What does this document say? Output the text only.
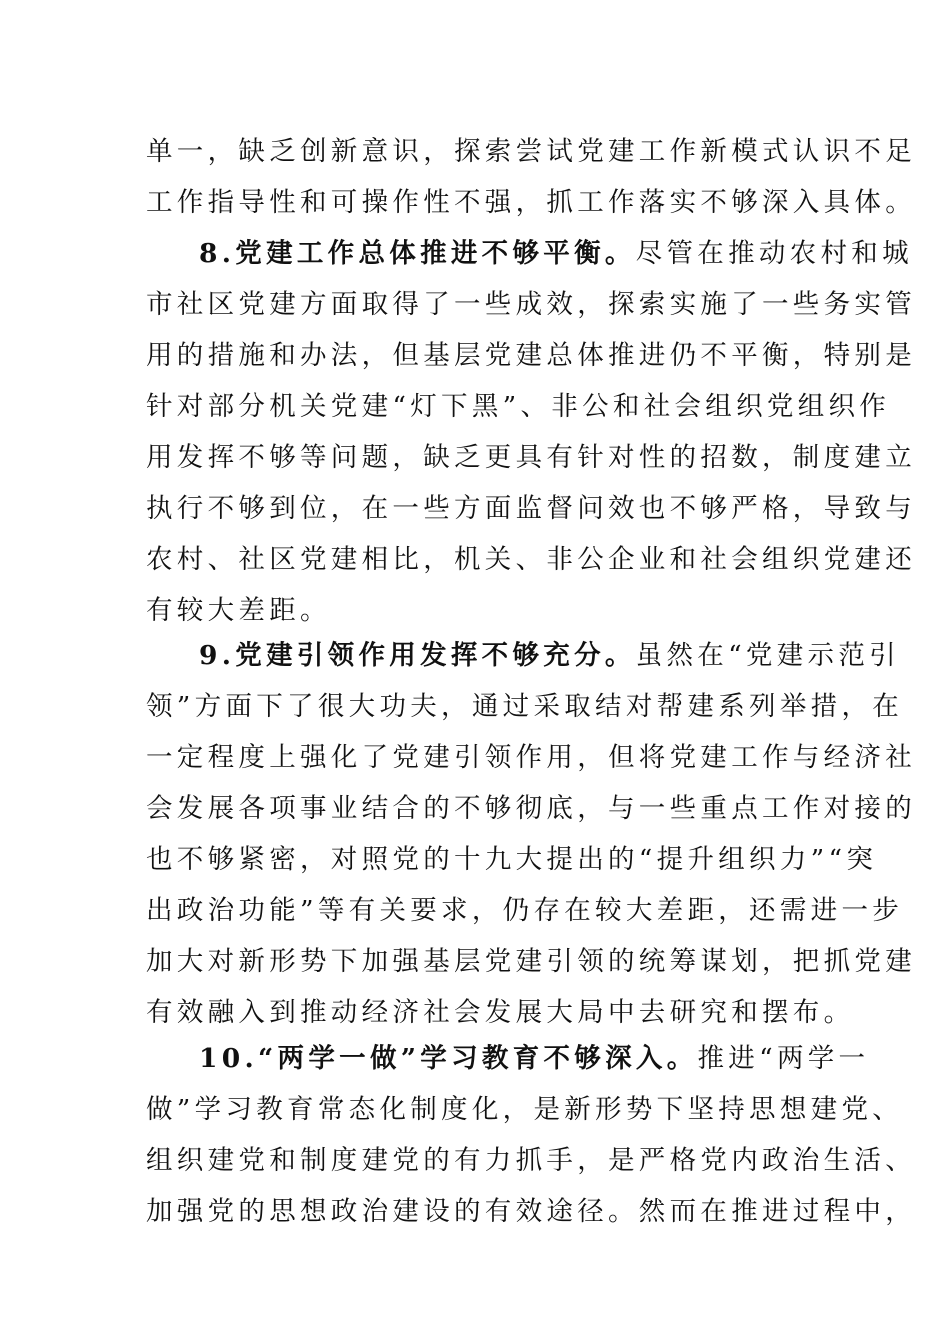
单一，缺乏创新意识，探索尝试党建工作新模式认识不足
工作指导性和可操作性不强，抓工作落实不够深入具体。
8.党建工作总体推进不够平衡。尽管在推动农村和城
市社区党建方面取得了一些成效，探索实施了一些务实管
用的措施和办法，但基层党建总体推进仍不平衡，特别是
针对部分机关党建“灯下黑”、非公和社会组织党组织作
用发挥不够等问题，缺乏更具有针对性的招数，制度建立
执行不够到位，在一些方面监督问效也不够严格，导致与
农村、社区党建相比，机关、非公企业和社会组织党建还
有较大差距。
9.党建引领作用发挥不够充分。虽然在“党建示范引
领”方面下了很大功夫，通过采取结对帮建系列举措，在
一定程度上强化了党建引领作用，但将党建工作与经济社
会发展各项事业结合的不够彻底，与一些重点工作对接的
也不够紧密，对照党的十九大提出的“提升组织力”“突
出政治功能”等有关要求，仍存在较大差距，还需进一步
加大对新形势下加强基层党建引领的统筹谋划，把抓党建
有效融入到推动经济社会发展大局中去研究和摆布。
10.“两学一做”学习教育不够深入。推进“两学一
做”学习教育常态化制度化，是新形势下坚持思想建党、
组织建党和制度建党的有力抓手，是严格党内政治生活、
加强党的思想政治建设的有效途径。然而在推进过程中，
